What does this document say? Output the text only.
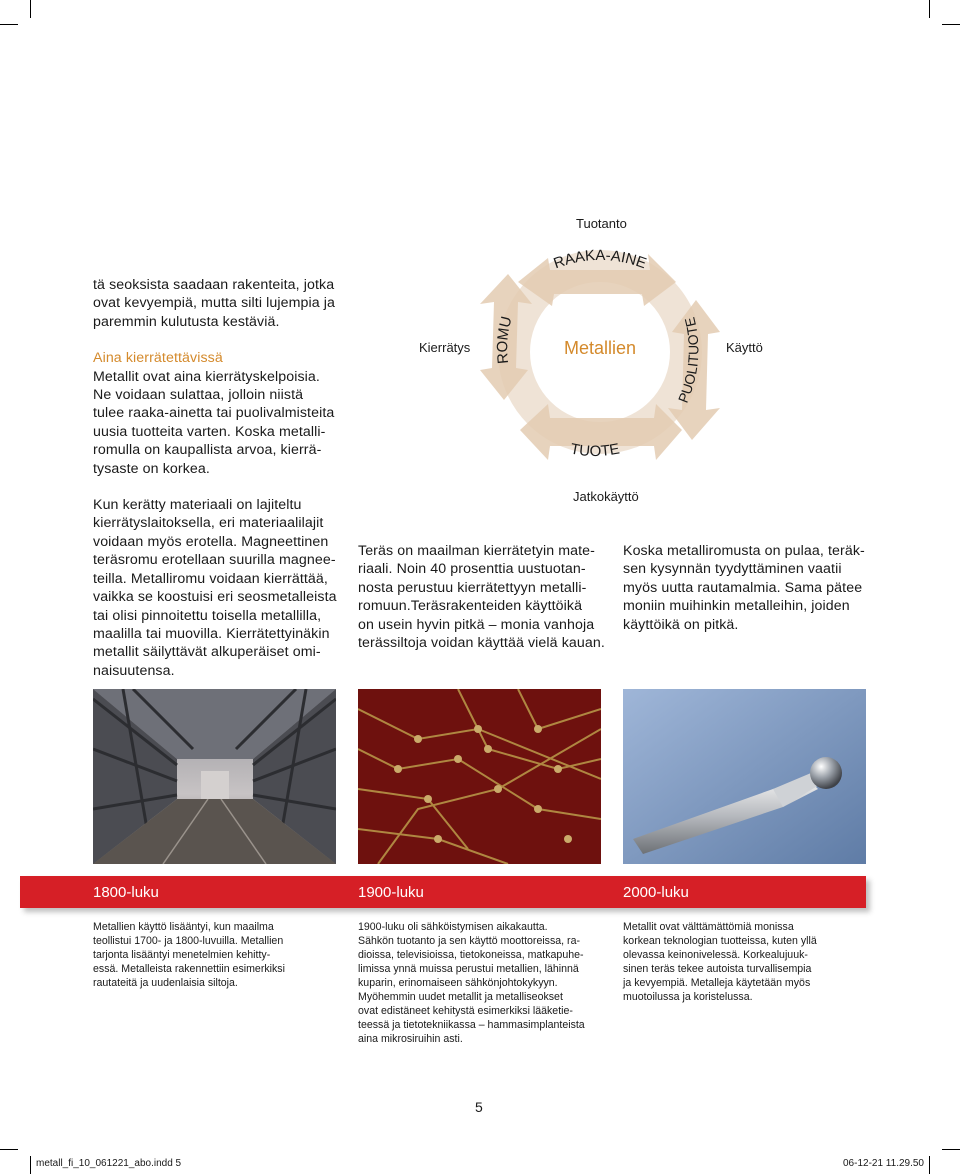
RAAKA-AINE
ROMU
PUOLITUOTE
TUOTE
Metallien
Tuotanto
Kierrätys	Käyttö
Jatkokäyttö
tä seoksista saadaan rakenteita, jotka
ovat kevyempiä, mutta silti lujempia ja
paremmin kulutusta kestäviä.
Aina kierrätettävissä
Metallit ovat aina kierrätyskelpoisia.
Ne voidaan sulattaa, jolloin niistä
tulee raaka-ainetta tai puolivalmisteita
uusia tuotteita varten. Koska metalli-
romulla on kaupallista arvoa, kierrä-
tysaste on korkea.
Kun kerätty materiaali on lajiteltu
kierrätyslaitoksella, eri materiaalilajit
voidaan myös erotella. Magneettinen
teräsromu erotellaan suurilla magnee-
teilla. Metalliromu voidaan kierrättää,
vaikka se koostuisi eri seosmetalleista
tai olisi pinnoitettu toisella metallilla,
maalilla tai muovilla. Kierrätettyinäkin
metallit säilyttävät alkuperäiset omi-
naisuutensa.
Teräs on maailman kierrätetyin mate-
riaali. Noin 40 prosenttia uustuotan-
nosta perustuu kierrätettyyn metalli-
romuun.Teräsrakenteiden käyttöikä
on usein hyvin pitkä – monia vanhoja
terässiltoja voidan käyttää vielä kauan.
Koska metalliromusta on pulaa, teräk-
sen kysynnän tyydyttäminen vaatii
myös uutta rautamalmia. Sama pätee
moniin muihinkin metalleihin, joiden
käyttöikä on pitkä.
1800-luku	1900-luku	2000-luku
Metallien käyttö lisääntyi, kun maailma
teollistui 1700- ja 1800-luvuilla. Metallien
tarjonta lisääntyi menetelmien kehitty-
essä. Metalleista rakennettiin esimerkiksi
rautateitä ja uudenlaisia siltoja.
1900-luku oli sähköistymisen aikakautta.
Sähkön tuotanto ja sen käyttö moottoreissa, ra-
dioissa, televisioissa, tietokoneissa, matkapuhe-
limissa ynnä muissa perustui metallien, lähinnä
kuparin, erinomaiseen sähkönjohtokykyyn.
Myöhemmin uudet metallit ja metalliseokset
ovat edistäneet kehitystä esimerkiksi lääketie-
teessä ja tietotekniikassa – hammasimplanteista
aina mikrosiruihin asti.
Metallit ovat välttämättömiä monissa
korkean teknologian tuotteissa, kuten yllä
olevassa keinonivelessä. Korkealujuuk-
sinen teräs tekee autoista turvallisempia
ja kevyempiä. Metalleja käytetään myös
muotoilussa ja koristelussa.
5
metall_fi_10_061221_abo.indd 5	06-12-21 11.29.50
